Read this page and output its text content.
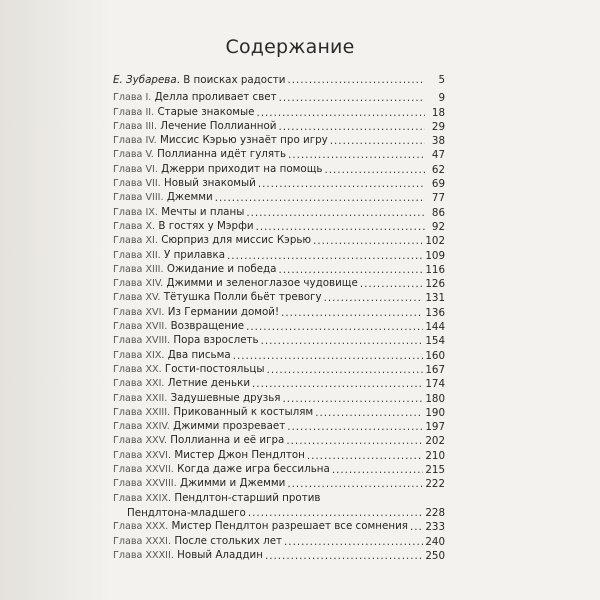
Содержание
Е. Зубарева. В поисках радости .....	5
Глава I. Делла проливает свет .....	9
Глава II. Старые знакомые .....	18
Глава III. Лечение Поллианной .....	29
Глава IV. Миссис Кэрью узнаёт про игру .....	38
Глава V. Поллианна идёт гулять .....	47
Глава VI. Джерри приходит на помощь .....	62
Глава VII. Новый знакомый .....	69
Глава VIII. Джемми .....	77
Глава IX. Мечты и планы .....	86
Глава X. В гостях у Мэрфи .....	92
Глава XI. Сюрприз для миссис Кэрью .....	102
Глава XII. У прилавка .....	109
Глава XIII. Ожидание и победа .....	116
Глава XIV. Джимми и зеленоглазое чудовище .....	126
Глава XV. Тётушка Полли бьёт тревогу .....	131
Глава XVI. Из Германии домой! .....	136
Глава XVII. Возвращение .....	144
Глава XVIII. Пора взрослеть .....	154
Глава XIX. Два письма .....	160
Глава XX. Гости-постояльцы .....	167
Глава XXI. Летние деньки .....	174
Глава XXII. Задушевные друзья .....	180
Глава XXIII. Прикованный к костылям .....	190
Глава XXIV. Джимми прозревает .....	197
Глава XXV. Поллианна и её игра .....	202
Глава XXVI. Мистер Джон Пендлтон .....	210
Глава XXVII. Когда даже игра бессильна .....	215
Глава XXVIII. Джимми и Джемми .....	222
Глава XXIX. Пендлтон-старший против
Пендлтона-младшего .....	228
Глава XXX. Мистер Пендлтон разрешает все сомнения ..... 233
Глава XXXI. После стольких лет .....	240
Глава XXXII. Новый Аладдин .....	250
